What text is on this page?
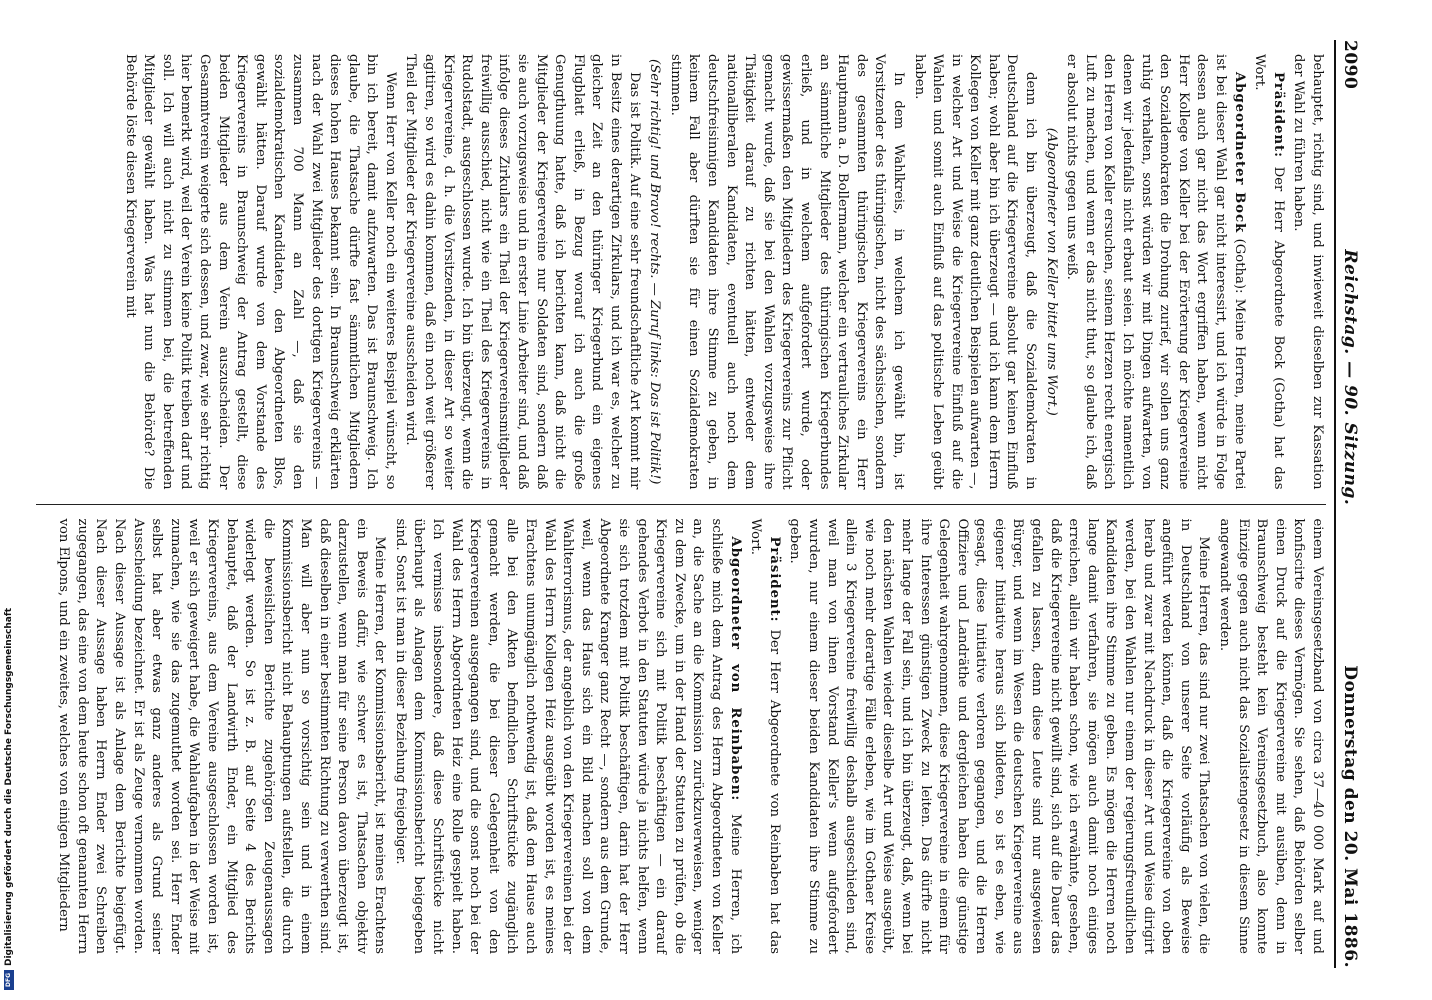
2090
Reichstag. — 90. Sitzung.
Donnerstag den 20. Mai 1886.

behauptet, richtig sind, und inwieweit dieselben zur Kassation der Wahl zu führen haben.

Präsident: Der Herr Abgeordnete Bock (Gotha) hat das Wort.

Abgeordneter Bock (Gotha): Meine Herren, meine Partei ist bei dieser Wahl gar nicht interessirt, und ich würde in Folge dessen auch gar nicht das Wort ergriffen haben, wenn nicht Herr Kollege von Keller bei der Erörterung der Kriegervereine den Sozialdemokraten die Drohung zurief, wir sollen uns ganz ruhig verhalten, sonst würden wir mit Dingen aufwarten, von denen wir jedenfalls nicht erbaut seien. Ich möchte namentlich den Herren von Keller ersuchen, seinem Herzen recht energisch Luft zu machen, und wenn er das nicht thut, so glaube ich, daß er absolut nichts gegen uns weiß.

(Abgeordneter von Keller bittet ums Wort.)

denn ich bin überzeugt, daß die Sozialdemokraten in Deutschland auf die Kriegervereine absolut gar keinen Einfluß haben; wohl aber bin ich überzeugt — und ich kann dem Herrn Kollegen von Keller mit ganz deutlichen Beispielen aufwarten —, in welcher Art und Weise die Kriegervereine Einfluß auf die Wahlen und somit auch Einfluß auf das politische Leben geübt haben.

In dem Wahlkreis, in welchem ich gewählt bin, ist Vorsitzender des thüringischen, nicht des sächsischen, sondern des gesammten thüringischen Kriegervereins ein Herr Hauptmann a. D. Bollermann, welcher ein vertrauliches Zirkular an sämmtliche Mitglieder des thüringischen Kriegerbundes erließ, und in welchem aufgefordert wurde, oder gewissermaßen den Mitgliedern des Kriegervereins zur Pflicht gemacht wurde, daß sie bei den Wahlen vorzugsweise ihre Thätigkeit darauf zu richten hätten, entweder dem nationalliberalen Kandidaten, eventuell auch noch dem deutschfreisinnigen Kandidaten ihre Stimme zu geben, in keinem Fall aber dürften sie für einen Sozialdemokraten stimmen.

(Sehr richtig! und Bravo! rechts. — Zuruf links: Das ist Politik!)

Das ist Politik. Auf eine sehr freundschaftliche Art kommt mir in Besitz eines derartigen Zirkulars, und ich war es, welcher zu gleicher Zeit an den thüringer Kriegerbund ein eigenes Flugblatt erließ, in Bezug worauf ich auch die große Genugthuung hatte, daß ich berichten kann, daß nicht die Mitglieder der Kriegervereine nur Soldaten sind, sondern daß sie auch vorzugsweise und in erster Linie Arbeiter sind, und daß infolge dieses Zirkulars ein Theil der Kriegervereinsmitglieder freiwillig ausschied, nicht wie ein Theil des Kriegervereins in Rudolstadt, ausgeschlossen wurde. Ich bin überzeugt, wenn die Kriegervereine, d. h. die Vorsitzenden, in dieser Art so weiter agitiren, so wird es dahin kommen, daß ein noch weit größerer Theil der Mitglieder der Kriegervereine ausscheiden wird.

Wenn Herr von Keller noch ein weiteres Beispiel wünscht, so bin ich bereit, damit aufzuwarten. Das ist Braunschweig. Ich glaube, die Thatsache dürfte fast sämmtlichen Mitgliedern dieses hohen Hauses bekannt sein. In Braunschweig erklärten nach der Wahl zwei Mitglieder des dortigen Kriegervereins — zusammen 700 Mann an Zahl —, daß sie den sozialdemokratischen Kandidaten, den Abgeordneten Blos, gewählt hätten. Darauf wurde von dem Vorstande des Kriegervereins in Braunschweig der Antrag gestellt, diese beiden Mitglieder aus dem Verein auszuscheiden. Der Gesammtverein weigerte sich dessen, und zwar, wie sehr richtig hier bemerkt wird, weil der Verein keine Politik treiben darf und soll. Ich will auch nicht zu stimmen bei, die betreffenden Mitglieder gewählt haben. Was hat nun die Behörde? Die Behörde löste diesen Kriegerverein mit

einem Vereinsgesetzband von circa 37—40 000 Mark auf und konfiscirte dieses Vermögen. Sie sehen, daß Behörden selber einen Druck auf die Kriegervereine mit ausüben, denn in Braunschweig besteht kein Vereinsgesetzbuch, also konnte Einzige gegen auch nicht das Sozialistengesetz in diesem Sinne angewandt werden.

Meine Herren, das sind nur zwei Thatsachen von vielen, die in Deutschland von unserer Seite vorläufig als Beweise angeführt werden können, daß die Kriegervereine von oben herab und zwar mit Nachdruck in dieser Art und Weise dirigirt werden, bei den Wahlen nur einem der regierungsfreundlichen Kandidaten ihre Stimme zu geben. Es mögen die Herren noch lange damit verfahren, sie mögen auch damit noch einiges erreichen, allein wir haben schon, wie ich erwähnte, gesehen, daß die Kriegervereine nicht gewillt sind, sich auf die Dauer das gefallen zu lassen, denn diese Leute sind nur ausgewiesen Bürger, und wenn im Wesen die deutschen Kriegervereine aus eigener Initiative heraus sich bildeten, so ist es eben, wie gesagt, diese Initiative verloren gegangen, und die Herren Offiziere und Landräthe und dergleichen haben die günstige Gelegenheit wahrgenommen, diese Kriegervereine in einem für ihre Interessen günstigen Zweck zu leiten. Das dürfte nicht mehr lange der Fall sein, und ich bin überzeugt, daß, wenn bei den nächsten Wahlen wieder dieselbe Art und Weise ausgeübt, wie noch mehr derartige Fälle erleben, wie im Gothaer Kreise allein 3 Kriegervereine freiwillig deshalb ausgeschieden sind, weil man von ihnen Vorstand Keller's wenn aufgefordert wurden, nur einem dieser beiden Kandidaten ihre Stimme zu geben.

Präsident: Der Herr Abgeordnete von Reinbaben hat das Wort.

Abgeordneter von Reinbaben: Meine Herren, ich schließe mich dem Antrag des Herrn Abgeordneten von Keller an, die Sache an die Kommission zurückzuverweisen, weniger zu dem Zwecke, um in der Hand der Statuten zu prüfen, ob die Kriegervereine sich mit Politik beschäftigen — ein darauf gehendes Verbot in den Statuten würde ja nichts helfen, wenn sie sich trotzdem mit Politik beschäftigen, darin hat der Herr Abgeordnete Kranger ganz Recht —, sondern aus dem Grunde, weil, wenn das Haus sich ein Bild machen soll von dem Wahlterrorismus, der angeblich von den Kriegervereinen bei der Wahl des Herrn Kollegen Heiz ausgeübt worden ist, es meines Erachtens unumgänglich nothwendig ist, daß dem Hause auch alle bei den Akten befindlichen Schriftstücke zugänglich gemacht werden, die bei dieser Gelegenheit von den Kriegervereinen ausgegangen sind, und die sonst noch bei der Wahl des Herrn Abgeordneten Heiz eine Rolle gespielt haben. Ich vermisse insbesondere, daß diese Schriftstücke nicht überhaupt als Anlagen dem Kommissionsbericht beigegeben sind. Sonst ist man in dieser Beziehung freigebiger.

Meine Herren, der Kommissionsbericht, ist meines Erachtens ein Beweis dafür, wie schwer es ist, Thatsachen objektiv darzustellen, wenn man für seine Person davon überzeugt ist, daß dieselben in einer bestimmten Richtung zu verwerthen sind. Man will aber nun so vorsichtig sein und in einem Kommissionsbericht nicht Behauptungen aufstellen, die durch die beweislichen Berichte zugehörigen Zeugenaussagen widerlegt werden. So ist z. B. auf Seite 4 des Berichts behauptet, daß der Landwirth Ender, ein Mitglied des Kriegervereins, aus dem Vereine ausgeschlossen worden ist, weil er sich geweigert habe, die Wahlaufgaben in der Weise mit zumachen, wie sie das zugemuthet worden sei. Herr Ender selbst hat aber etwas ganz anderes als Grund seiner Ausscheidung bezeichnet. Er ist als Zeuge vernommen worden. Nach dieser Aussage ist als Anlage dem Berichte beigefügt. Nach dieser Aussage haben Herrn Ender zwei Schreiben zugegangen, das eine von dem heute schon oft genannten Herrn von Elpons, und ein zweites, welches von einigen Mitgliedern

DFG
Digitalisierung gefördert durch die Deutsche Forschungsgemeinschaft
